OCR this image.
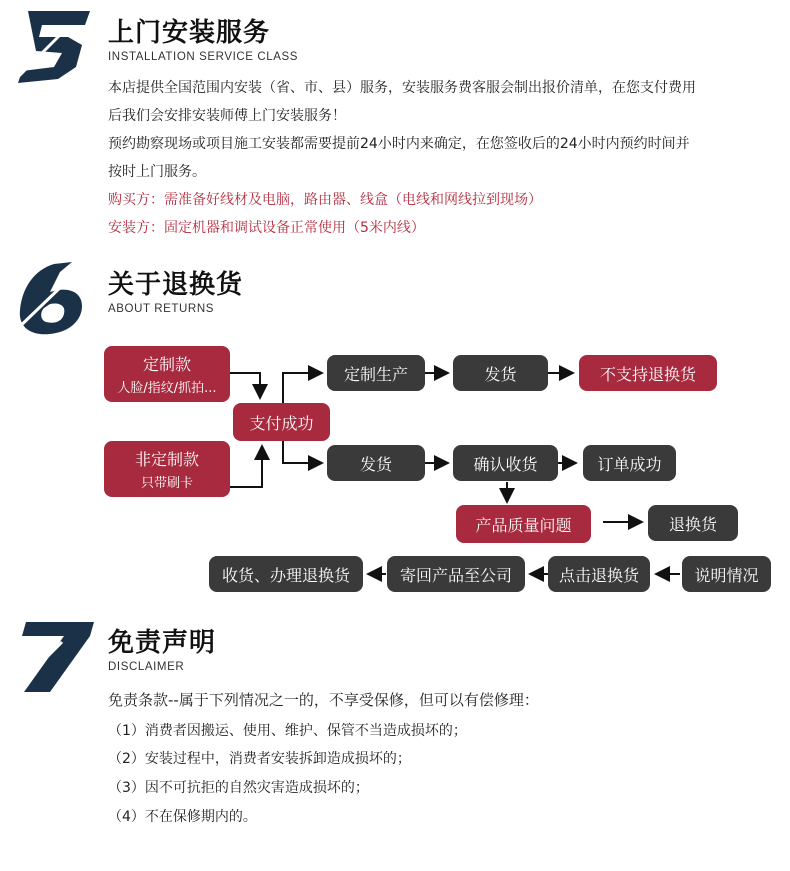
上门安装服务
INSTALLATION SERVICE CLASS
本店提供全国范围内安装（省、市、县）服务，安装服务费客服会制出报价清单，在您支付费用
后我们会安排安装师傅上门安装服务！
预约勘察现场或项目施工安装都需要提前24小时内来确定，在您签收后的24小时内预约时间并
按时上门服务。
购买方：需准备好线材及电脑，路由器、线盒（电线和网线拉到现场）
安装方：固定机器和调试设备正常使用（5米内线）
关于退换货
ABOUT RETURNS
定制款
人脸/指纹/抓拍...
非定制款
只带刷卡
支付成功
定制生产	发货	不支持退换货
发货	确认收货	订单成功
产品质量问题	退换货
说明情况
点击退换货
寄回产品至公司
收货、办理退换货
免责声明
DISCLAIMER
免责条款--属于下列情况之一的，不享受保修，但可以有偿修理：
（1）消费者因搬运、使用、维护、保管不当造成损坏的；
（2）安装过程中，消费者安装拆卸造成损坏的；
（3）因不可抗拒的自然灾害造成损坏的；
（4）不在保修期内的。
